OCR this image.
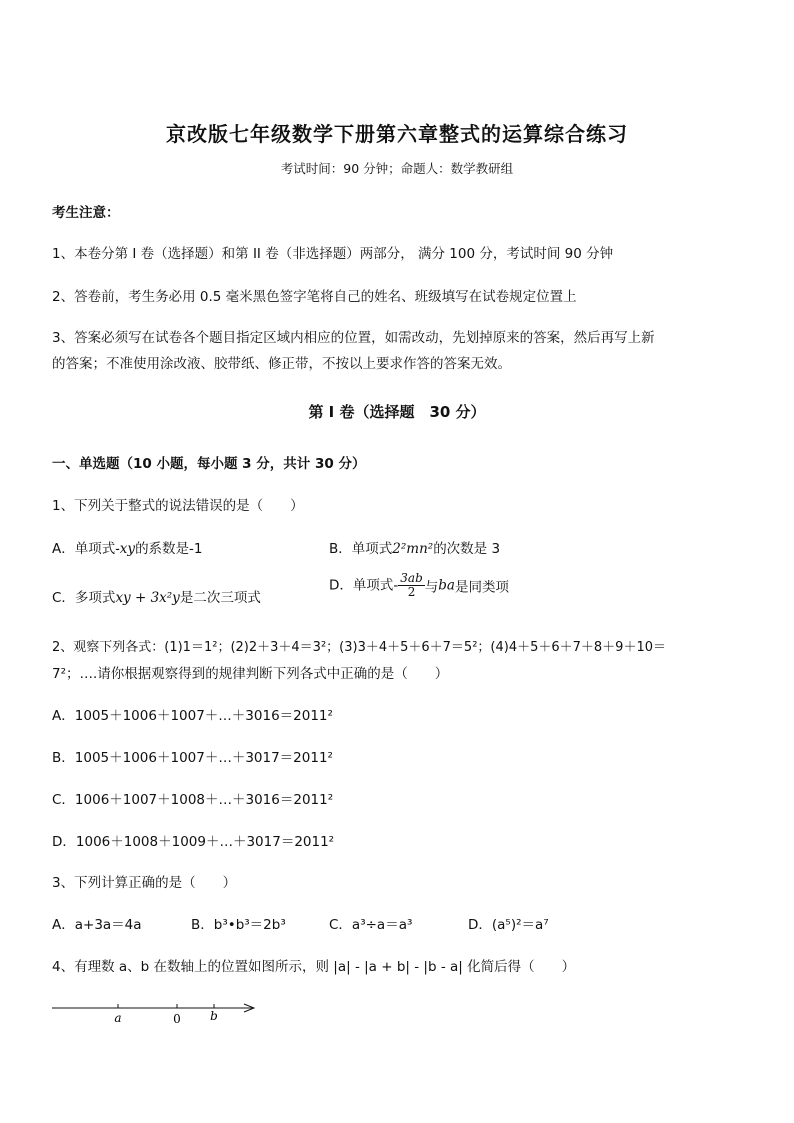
京改版七年级数学下册第六章整式的运算综合练习
考试时间：90 分钟；命题人：数学教研组
考生注意：
1、本卷分第 I 卷（选择题）和第 II 卷（非选择题）两部分， 满分 100 分，考试时间 90 分钟
2、答卷前，考生务必用 0.5 毫米黑色签字笔将自己的姓名、班级填写在试卷规定位置上
3、答案必须写在试卷各个题目指定区域内相应的位置，如需改动，先划掉原来的答案，然后再写上新
的答案；不准使用涂改液、胶带纸、修正带，不按以上要求作答的答案无效。
第 I 卷（选择题　30 分）
一、单选题（10 小题，每小题 3 分，共计 30 分）
1、下列关于整式的说法错误的是（　　）
A．单项式-xy的系数是-1	B．单项式2²mn²的次数是 3
C．多项式xy + 3x²y是二次三项式
D．单项式- $\frac{3ab}{2}$ 与ba是同类项
2、观察下列各式：(1)1＝1²；(2)2＋3＋4＝3²；(3)3＋4＋5＋6＋7＝5²；(4)4＋5＋6＋7＋8＋9＋10＝
7²；….请你根据观察得到的规律判断下列各式中正确的是（　　）
A．1005＋1006＋1007＋…＋3016＝2011²
B．1005＋1006＋1007＋…＋3017＝2011²
C．1006＋1007＋1008＋…＋3016＝2011²
D．1006＋1008＋1009＋…＋3017＝2011²
3、下列计算正确的是（　　）
A．a+3a＝4a	B．b³•b³＝2b³	C．a³÷a＝a³	D．(a⁵)²＝a⁷
4、有理数 a、b 在数轴上的位置如图所示，则 |a| - |a + b| - |b - a| 化简后得（　　）
a	0 b
